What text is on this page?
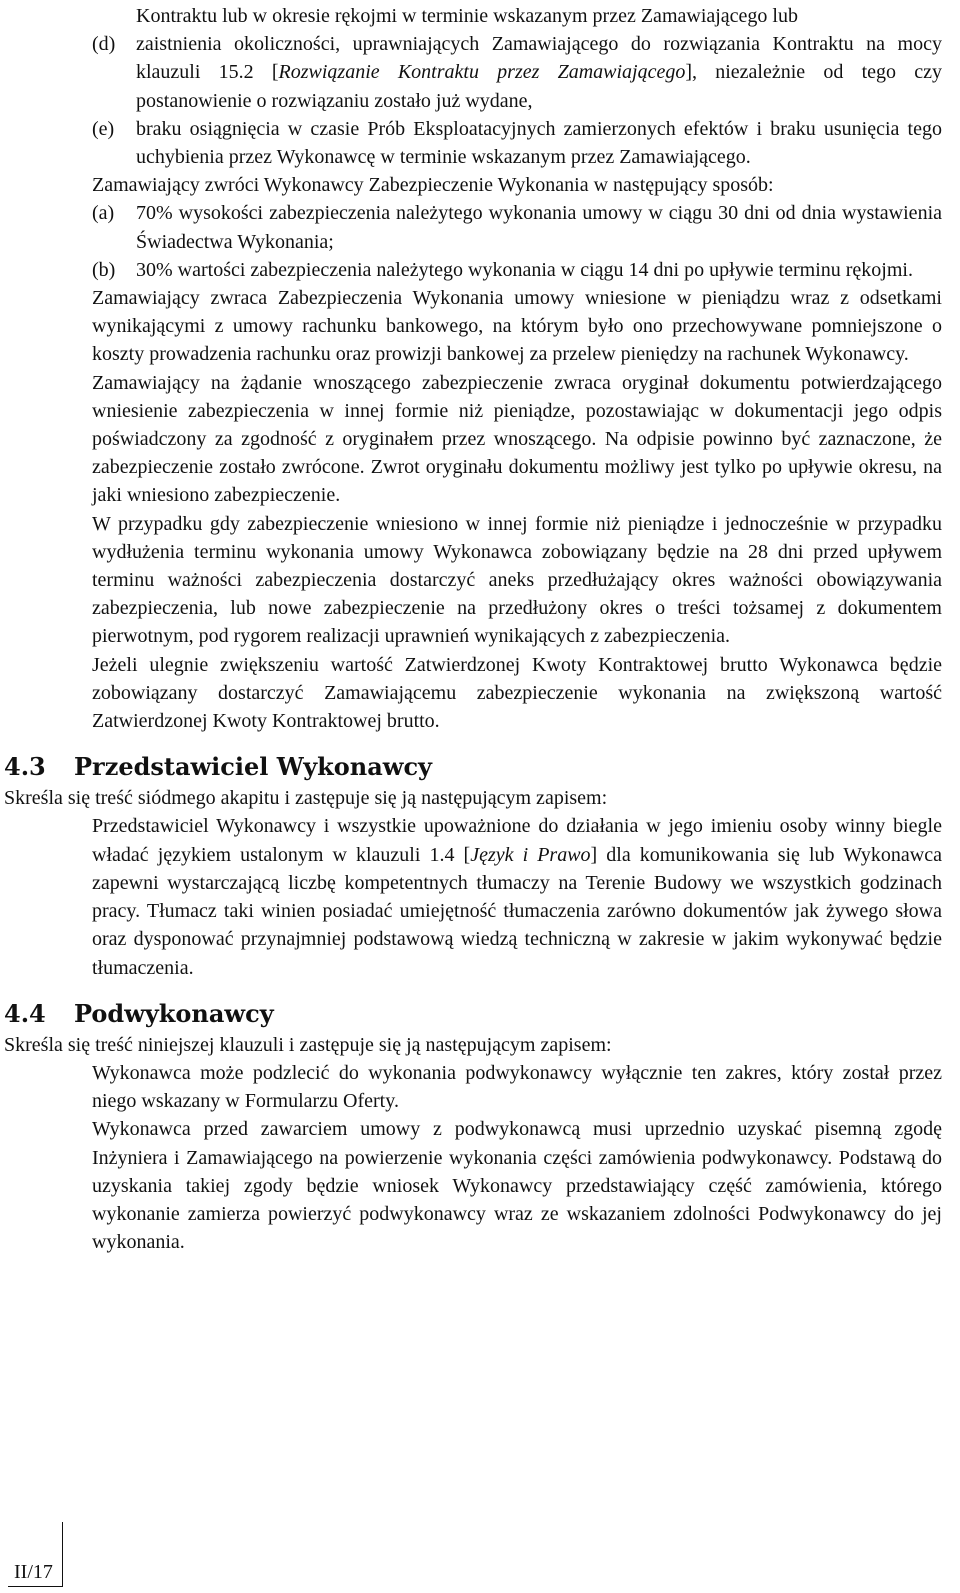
Kontraktu lub w okresie rękojmi w terminie wskazanym przez Zamawiającego lub

(d)	zaistnienia okoliczności, uprawniających Zamawiającego do rozwiązania Kontraktu na mocy klauzuli 15.2 [Rozwiązanie Kontraktu przez Zamawiającego], niezależnie od tego czy postanowienie o rozwiązaniu zostało już wydane,
(e)	braku osiągnięcia w czasie Prób Eksploatacyjnych zamierzonych efektów i braku usunięcia tego uchybienia przez Wykonawcę w terminie wskazanym przez Zamawiającego.

Zamawiający zwróci Wykonawcy Zabezpieczenie Wykonania w następujący sposób:

(a)	70% wysokości zabezpieczenia należytego wykonania umowy w ciągu 30 dni od dnia wystawienia Świadectwa Wykonania;
(b)	30% wartości zabezpieczenia należytego wykonania w ciągu 14 dni po upływie terminu rękojmi.

Zamawiający zwraca Zabezpieczenia Wykonania umowy wniesione w pieniądzu wraz z odsetkami wynikającymi z umowy rachunku bankowego, na którym było ono przechowywane pomniejszone o koszty prowadzenia rachunku oraz prowizji bankowej za przelew pieniędzy na rachunek Wykonawcy.

Zamawiający na żądanie wnoszącego zabezpieczenie zwraca oryginał dokumentu potwierdzającego wniesienie zabezpieczenia w innej formie niż pieniądze, pozostawiając w dokumentacji jego odpis poświadczony za zgodność z oryginałem przez wnoszącego. Na odpisie powinno być zaznaczone, że zabezpieczenie zostało zwrócone. Zwrot oryginału dokumentu możliwy jest tylko po upływie okresu, na jaki wniesiono zabezpieczenie.

W przypadku gdy zabezpieczenie wniesiono w innej formie niż pieniądze i jednocześnie w przypadku wydłużenia terminu wykonania umowy Wykonawca zobowiązany będzie na 28 dni przed upływem terminu ważności zabezpieczenia dostarczyć aneks przedłużający okres ważności obowiązywania zabezpieczenia, lub nowe zabezpieczenie na przedłużony okres o treści tożsamej z dokumentem pierwotnym, pod rygorem realizacji uprawnień wynikających z zabezpieczenia.

Jeżeli ulegnie zwiększeniu wartość Zatwierdzonej Kwoty Kontraktowej brutto Wykonawca będzie zobowiązany dostarczyć Zamawiającemu zabezpieczenie wykonania na zwiększoną wartość Zatwierdzonej Kwoty Kontraktowej brutto.

4.3 Przedstawiciel Wykonawcy

Skreśla się treść siódmego akapitu i zastępuje się ją następującym zapisem:

Przedstawiciel Wykonawcy i wszystkie upoważnione do działania w jego imieniu osoby winny biegle władać językiem ustalonym w klauzuli 1.4 [Język i Prawo] dla komunikowania się lub Wykonawca zapewni wystarczającą liczbę kompetentnych tłumaczy na Terenie Budowy we wszystkich godzinach pracy. Tłumacz taki winien posiadać umiejętność tłumaczenia zarówno dokumentów jak żywego słowa oraz dysponować przynajmniej podstawową wiedzą techniczną w zakresie w jakim wykonywać będzie tłumaczenia.

4.4 Podwykonawcy

Skreśla się treść niniejszej klauzuli i zastępuje się ją następującym zapisem:

Wykonawca może podzlecić do wykonania podwykonawcy wyłącznie ten zakres, który został przez niego wskazany w Formularzu Oferty.

Wykonawca przed zawarciem umowy z podwykonawcą musi uprzednio uzyskać pisemną zgodę Inżyniera i Zamawiającego na powierzenie wykonania części zamówienia podwykonawcy. Podstawą do uzyskania takiej zgody będzie wniosek Wykonawcy przedstawiający część zamówienia, którego wykonanie zamierza powierzyć podwykonawcy wraz ze wskazaniem zdolności Podwykonawcy do jej wykonania.

II/17
